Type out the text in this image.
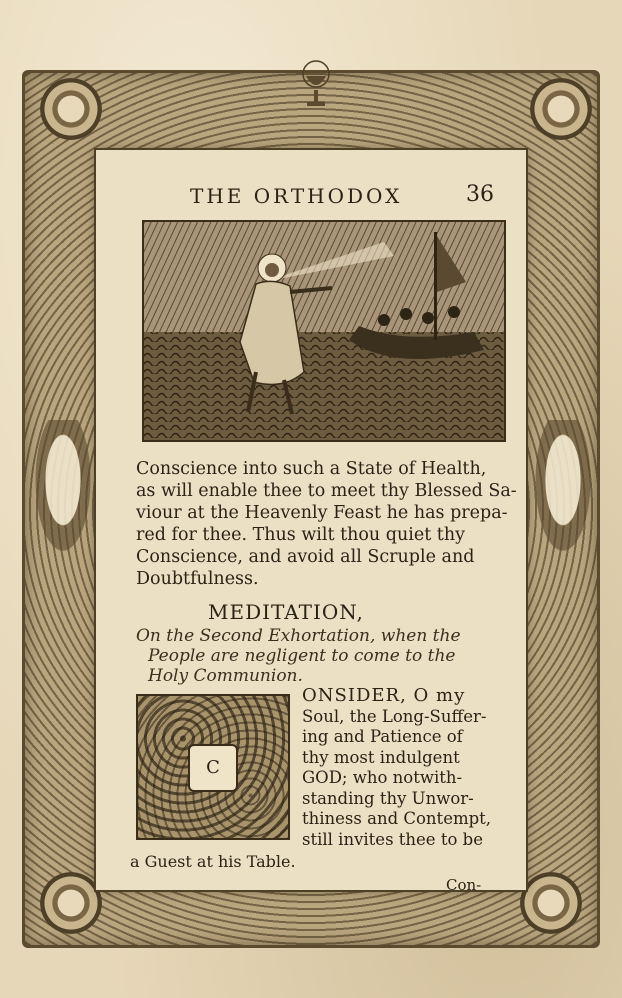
THE ORTHODOX	36
Conscience into such a State of Health,
as will enable thee to meet thy Blessed Sa-
viour at the Heavenly Feast he has prepa-
red for thee. Thus wilt thou quiet thy
Conscience, and avoid all Scruple and
Doubtfulness.
MEDITATION,
On the Second Exhortation, when the
People are negligent to come to the
Holy Communion.
C
ONSIDER, O my
Soul, the Long-Suffer-
ing and Patience of
thy most indulgent
GOD; who notwith-
standing thy Unwor-
thiness and Contempt,
still invites thee to be
a Guest at his Table.
Con-
